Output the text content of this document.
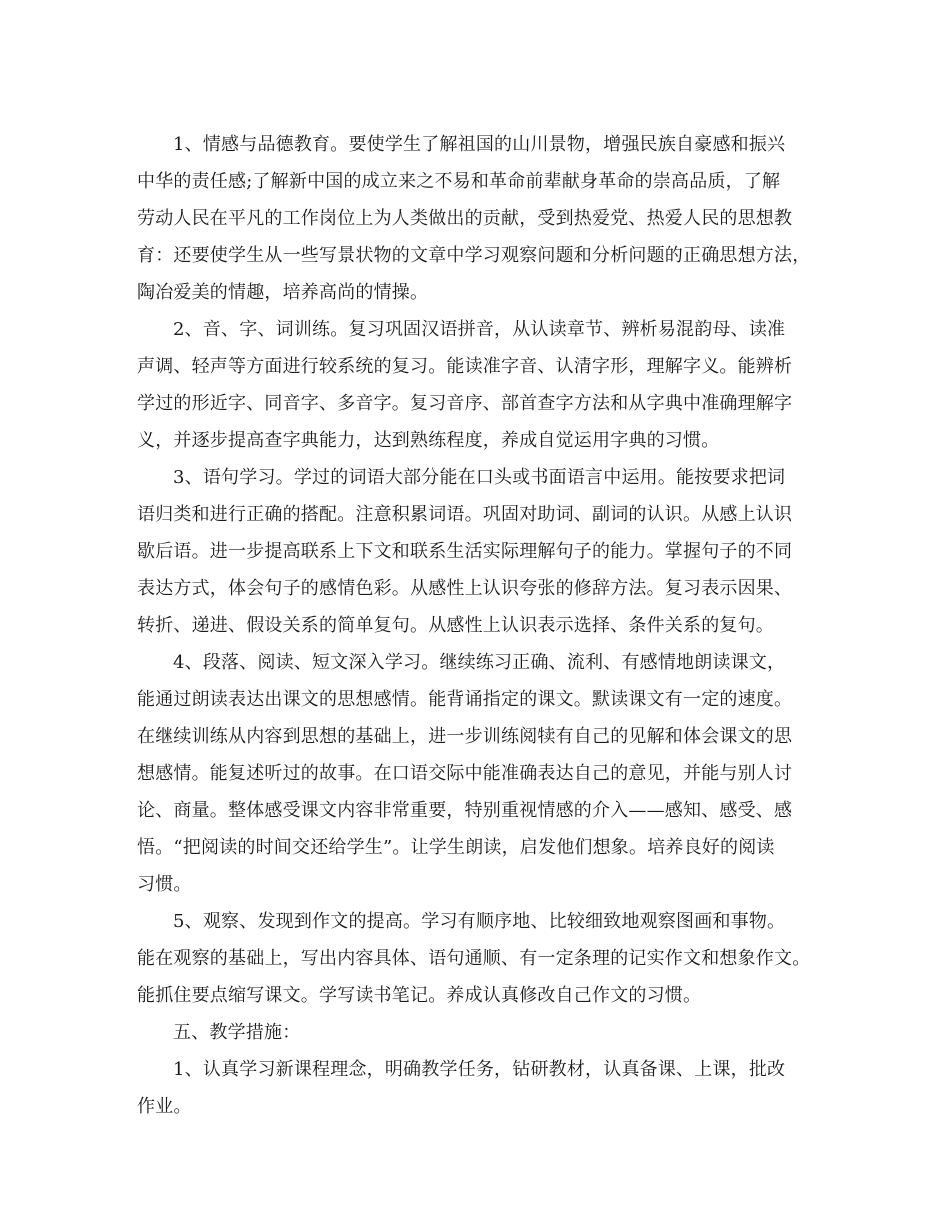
1、情感与品德教育。要使学生了解祖国的山川景物，增强民族自豪感和振兴
中华的责任感;了解新中国的成立来之不易和革命前辈献身革命的崇高品质，了解
劳动人民在平凡的工作岗位上为人类做出的贡献，受到热爱党、热爱人民的思想教
育：还要使学生从一些写景状物的文章中学习观察问题和分析问题的正确思想方法，
陶冶爱美的情趣，培养高尚的情操。
2、音、字、词训练。复习巩固汉语拼音，从认读章节、辨析易混韵母、读准
声调、轻声等方面进行较系统的复习。能读准字音、认清字形，理解字义。能辨析
学过的形近字、同音字、多音字。复习音序、部首查字方法和从字典中准确理解字
义，并逐步提高查字典能力，达到熟练程度，养成自觉运用字典的习惯。
3、语句学习。学过的词语大部分能在口头或书面语言中运用。能按要求把词
语归类和进行正确的搭配。注意积累词语。巩固对助词、副词的认识。从感上认识
歇后语。进一步提高联系上下文和联系生活实际理解句子的能力。掌握句子的不同
表达方式，体会句子的感情色彩。从感性上认识夸张的修辞方法。复习表示因果、
转折、递进、假设关系的简单复句。从感性上认识表示选择、条件关系的复句。
4、段落、阅读、短文深入学习。继续练习正确、流利、有感情地朗读课文，
能通过朗读表达出课文的思想感情。能背诵指定的课文。默读课文有一定的速度。
在继续训练从内容到思想的基础上，进一步训练阅犊有自己的见解和体会课文的思
想感情。能复述听过的故事。在口语交际中能准确表达自己的意见，并能与别人讨
论、商量。整体感受课文内容非常重要，特别重视情感的介入——感知、感受、感
悟。“把阅读的时间交还给学生”。让学生朗读，启发他们想象。培养良好的阅读
习惯。
5、观察、发现到作文的提高。学习有顺序地、比较细致地观察图画和事物。
能在观察的基础上，写出内容具体、语句通顺、有一定条理的记实作文和想象作文。
能抓住要点缩写课文。学写读书笔记。养成认真修改自己作文的习惯。
五、教学措施：
1、认真学习新课程理念，明确教学任务，钻研教材，认真备课、上课，批改
作业。
